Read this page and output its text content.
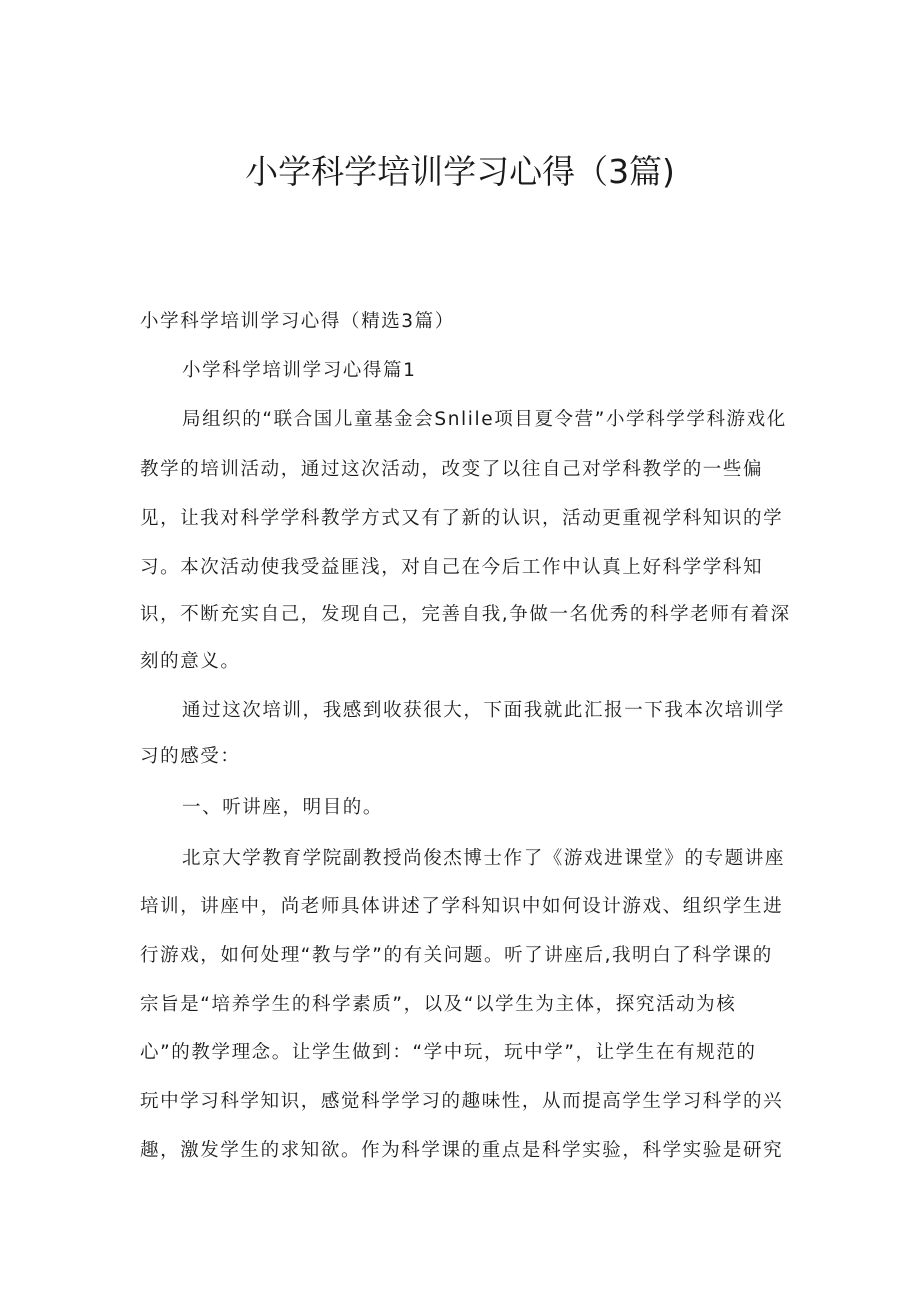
小学科学培训学习心得（3篇)
小学科学培训学习心得（精选3篇）
小学科学培训学习心得篇1
局组织的“联合国儿童基金会Snlile项目夏令营”小学科学学科游戏化
教学的培训活动，通过这次活动，改变了以往自己对学科教学的一些偏
见，让我对科学学科教学方式又有了新的认识，活动更重视学科知识的学
习。本次活动使我受益匪浅，对自己在今后工作中认真上好科学学科知
识，不断充实自己，发现自己，完善自我,争做一名优秀的科学老师有着深
刻的意义。
通过这次培训，我感到收获很大，下面我就此汇报一下我本次培训学
习的感受：
一、听讲座，明目的。
北京大学教育学院副教授尚俊杰博士作了《游戏进课堂》的专题讲座
培训，讲座中，尚老师具体讲述了学科知识中如何设计游戏、组织学生进
行游戏，如何处理“教与学”的有关问题。听了讲座后,我明白了科学课的
宗旨是“培养学生的科学素质”，以及“以学生为主体，探究活动为核
心”的教学理念。让学生做到：“学中玩，玩中学”，让学生在有规范的
玩中学习科学知识，感觉科学学习的趣味性，从而提高学生学习科学的兴
趣，激发学生的求知欲。作为科学课的重点是科学实验，科学实验是研究
